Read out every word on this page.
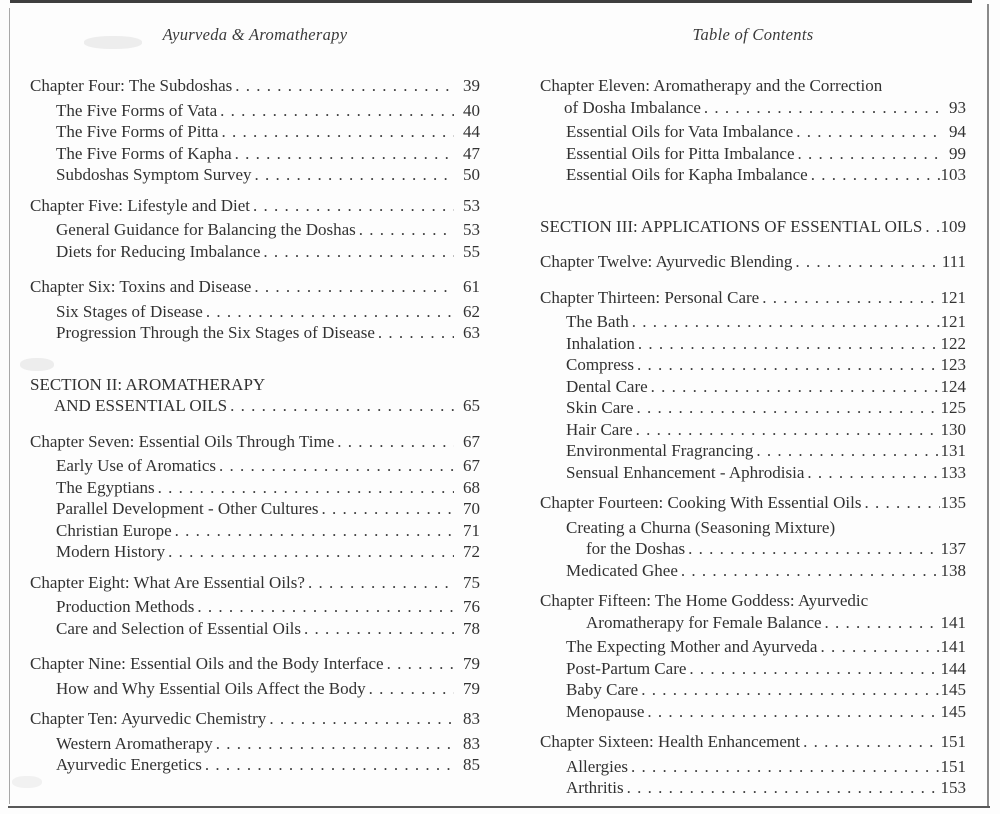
Ayurveda & Aromatherapy
Chapter Four: The Subdoshas . . .	39
The Five Forms of Vata . . .	40
The Five Forms of Pitta . . .	44
The Five Forms of Kapha . . .	47
Subdoshas Symptom Survey . . .	50
Chapter Five: Lifestyle and Diet . . .	53
General Guidance for Balancing the Doshas . . .	53
Diets for Reducing Imbalance . . .	55
Chapter Six: Toxins and Disease . . .	61
Six Stages of Disease . . .	62
Progression Through the Six Stages of Disease . . .	63
SECTION II: AROMATHERAPY
AND ESSENTIAL OILS . . .	65
Chapter Seven: Essential Oils Through Time . . .	67
Early Use of Aromatics . . .	67
The Egyptians . . .	68
Parallel Development - Other Cultures . . .	70
Christian Europe . . .	71
Modern History . . .	72
Chapter Eight: What Are Essential Oils? . . .	75
Production Methods . . .	76
Care and Selection of Essential Oils . . .	78
Chapter Nine: Essential Oils and the Body Interface . . .	79
How and Why Essential Oils Affect the Body . . .	79
Chapter Ten: Ayurvedic Chemistry . . .	83
Western Aromatherapy . . .	83
Ayurvedic Energetics . . .	85
Table of Contents
Chapter Eleven: Aromatherapy and the Correction
of Dosha Imbalance . . .	93
Essential Oils for Vata Imbalance . . .	94
Essential Oils for Pitta Imbalance . . .	99
Essential Oils for Kapha Imbalance . . .	103
SECTION III: APPLICATIONS OF ESSENTIAL OILS . . . 109
Chapter Twelve: Ayurvedic Blending . . .	111
Chapter Thirteen: Personal Care . . .	121
The Bath . . .	121
Inhalation . . .	122
Compress . . .	123
Dental Care . . .	124
Skin Care . . .	125
Hair Care . . .	130
Environmental Fragrancing . . .	131
Sensual Enhancement - Aphrodisia . . .	133
Chapter Fourteen: Cooking With Essential Oils . . .	135
Creating a Churna (Seasoning Mixture)
for the Doshas . . .	137
Medicated Ghee . . .	138
Chapter Fifteen: The Home Goddess: Ayurvedic
Aromatherapy for Female Balance . . .	141
The Expecting Mother and Ayurveda . . .	141
Post-Partum Care . . .	144
Baby Care . . .	145
Menopause . . .	145
Chapter Sixteen: Health Enhancement . . .	151
Allergies . . .	151
Arthritis . . .	153
